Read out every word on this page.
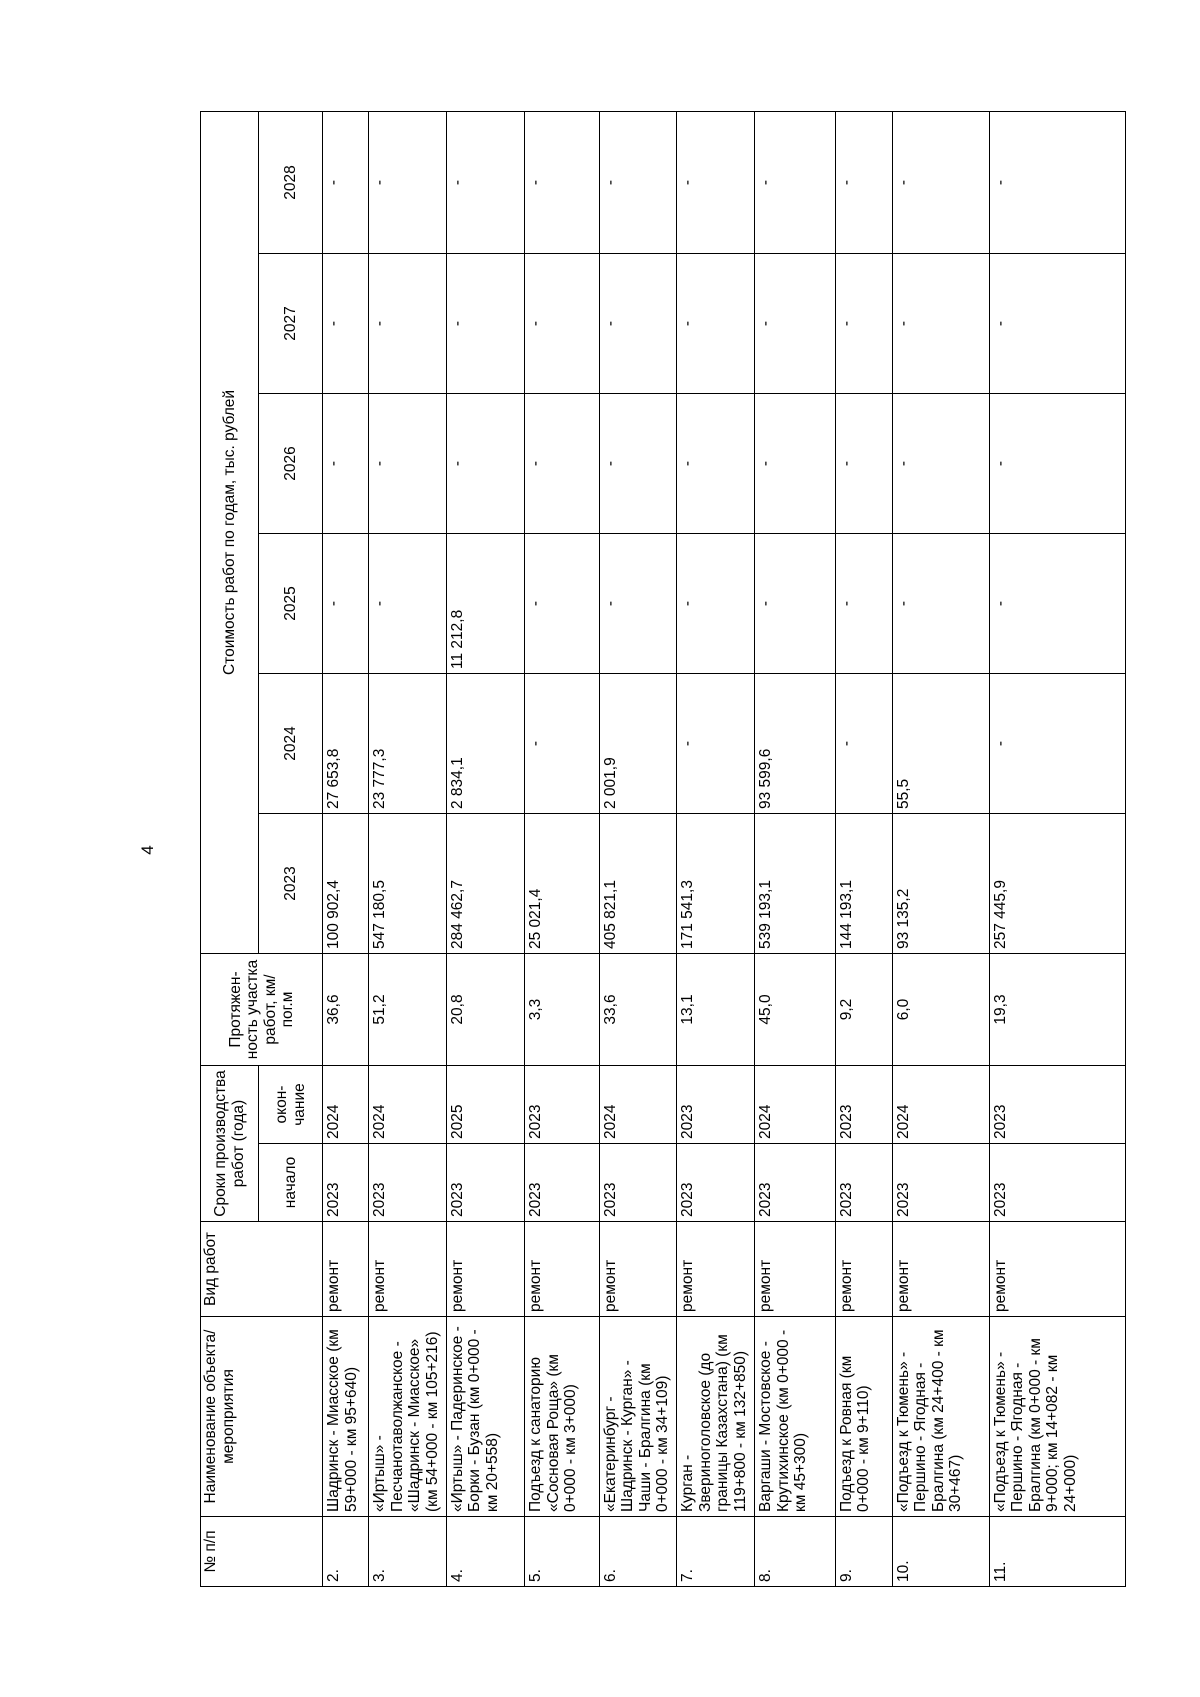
4
№ п/п	Наименование объекта/ мероприятия	Вид работ	Сроки производства работ (года)		Протяжен-ность участка работ, км/пог.м	Стоимость работ по годам, тыс. рублей					
			начало	окон-чание		2023	2024	2025	2026	2027	2028
2.	Шадринск - Миасское (км 59+000 - км 95+640)	ремонт	2023	2024	36,6	100 902,4	27 653,8	-	-	-	-
3.	«Иртыш» - Песчанотаволжанское - «Шадринск - Миасское» (км 54+000 - км 105+216)	ремонт	2023	2024	51,2	547 180,5	23 777,3	-	-	-	-
4.	«Иртыш» - Падеринское - Борки - Бузан (км 0+000 - км 20+558)	ремонт	2023	2025	20,8	284 462,7	2 834,1	11 212,8	-	-	-
5.	Подъезд к санаторию «Сосновая Роща» (км 0+000 - км 3+000)	ремонт	2023	2023	3,3	25 021,4	-	-	-	-	-
6.	«Екатеринбург - Шадринск - Курган» - Чаши - Бралгина (км 0+000 - км 34+109)	ремонт	2023	2024	33,6	405 821,1	2 001,9	-	-	-	-
7.	Курган - Звериноголовское (до границы Казахстана) (км 119+800 - км 132+850)	ремонт	2023	2023	13,1	171 541,3	-	-	-	-	-
8.	Варгаши - Мостовское - Крутихинское (км 0+000 - км 45+300)	ремонт	2023	2024	45,0	539 193,1	93 599,6	-	-	-	-
9.	Подъезд к Ровная (км 0+000 - км 9+110)	ремонт	2023	2023	9,2	144 193,1	-	-	-	-	-
10.	«Подъезд к Тюмень» - Першино - Ягодная - Бралгина (км 24+400 - км 30+467)	ремонт	2023	2024	6,0	93 135,2	55,5	-	-	-	-
11.	«Подъезд к Тюмень» - Першино - Ягодная - Бралгина (км 0+000 - км 9+000; км 14+082 - км 24+000)	ремонт	2023	2023	19,3	257 445,9	-	-	-	-	-
